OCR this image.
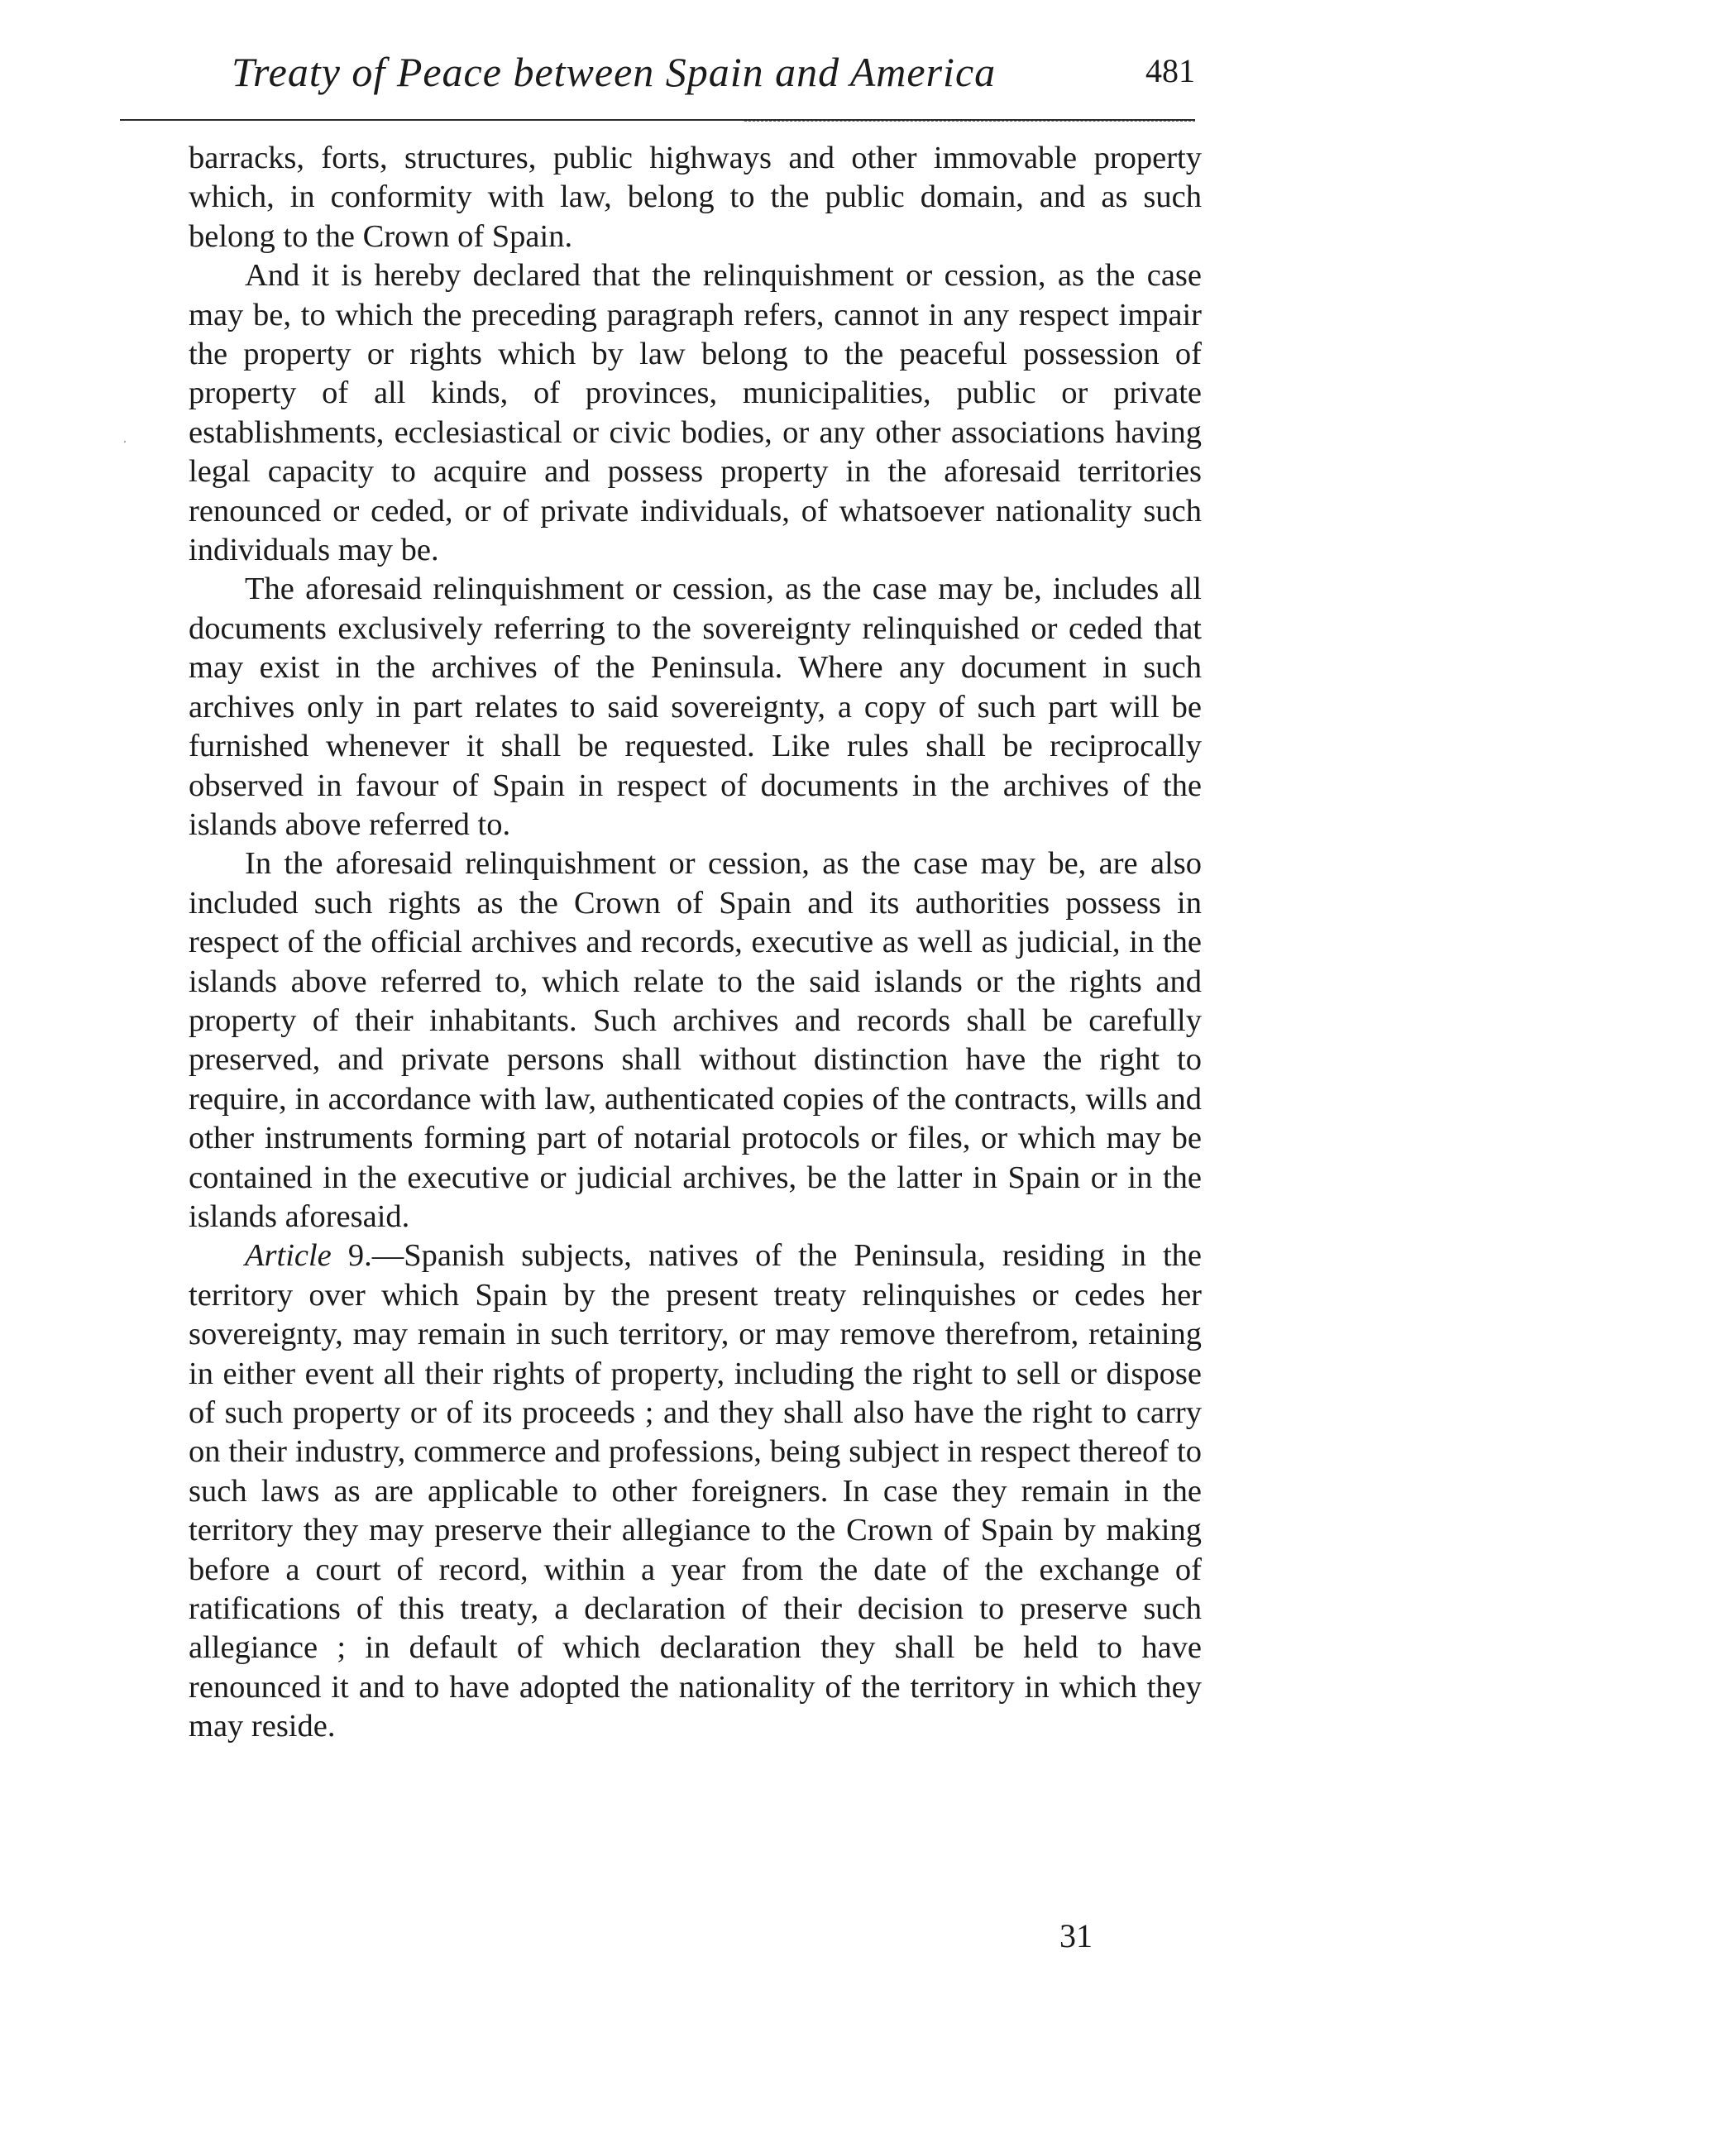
Treaty of Peace between Spain and America	481

barracks, forts, structures, public highways and other immovable property which, in conformity with law, belong to the public domain, and as such belong to the Crown of Spain.

And it is hereby declared that the relinquishment or cession, as the case may be, to which the preceding paragraph refers, cannot in any respect impair the property or rights which by law belong to the peaceful possession of property of all kinds, of provinces, municipalities, public or private establishments, ecclesiastical or civic bodies, or any other associations having legal capacity to acquire and possess property in the aforesaid territories renounced or ceded, or of private individuals, of whatsoever nationality such individuals may be.

The aforesaid relinquishment or cession, as the case may be, includes all documents exclusively referring to the sovereignty relinquished or ceded that may exist in the archives of the Peninsula. Where any document in such archives only in part relates to said sovereignty, a copy of such part will be furnished whenever it shall be requested. Like rules shall be reciprocally observed in favour of Spain in respect of documents in the archives of the islands above referred to.

In the aforesaid relinquishment or cession, as the case may be, are also included such rights as the Crown of Spain and its authorities possess in respect of the official archives and records, executive as well as judicial, in the islands above referred to, which relate to the said islands or the rights and property of their inhabitants. Such archives and records shall be carefully preserved, and private persons shall without distinction have the right to require, in accordance with law, authenticated copies of the contracts, wills and other instruments forming part of notarial protocols or files, or which may be contained in the executive or judicial archives, be the latter in Spain or in the islands aforesaid.

Article 9.—Spanish subjects, natives of the Peninsula, residing in the territory over which Spain by the present treaty relinquishes or cedes her sovereignty, may remain in such territory, or may remove therefrom, retaining in either event all their rights of property, including the right to sell or dispose of such property or of its proceeds ; and they shall also have the right to carry on their industry, commerce and professions, being subject in respect thereof to such laws as are applicable to other foreigners. In case they remain in the territory they may preserve their allegiance to the Crown of Spain by making before a court of record, within a year from the date of the exchange of ratifications of this treaty, a declaration of their decision to preserve such allegiance ; in default of which declaration they shall be held to have renounced it and to have adopted the nationality of the territory in which they may reside.

31
